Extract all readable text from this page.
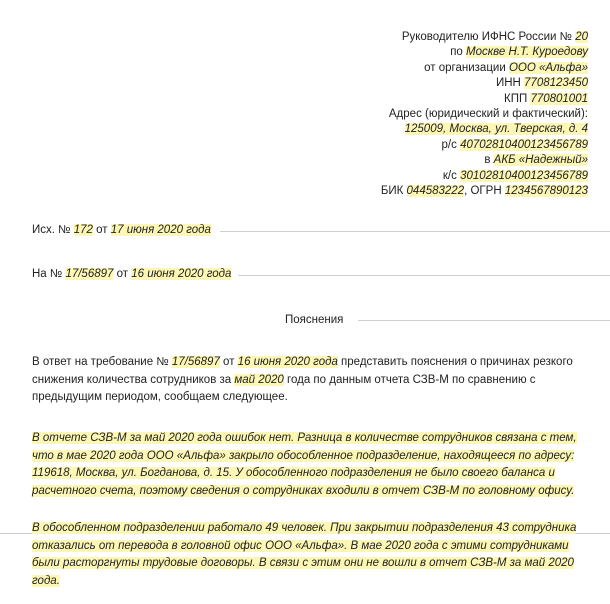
Руководителю ИФНС России № 20
по Москве Н.Т. Куроедову
от организации ООО «Альфа»
ИНН 7708123450
КПП 770801001
Адрес (юридический и фактический):
125009, Москва, ул. Тверская, д. 4
р/с 40702810400123456789
в АКБ «Надежный»
к/с 30102810400123456789
БИК 044583222, ОГРН 1234567890123
Исх. № 172 от 17 июня 2020 года
На № 17/56897 от 16 июня 2020 года
Пояснения
В ответ на требование № 17/56897 от 16 июня 2020 года представить пояснения о причинах резкого снижения количества сотрудников за май 2020 года по данным отчета СЗВ-М по сравнению с предыдущим периодом, сообщаем следующее.
В отчете СЗВ-М за май 2020 года ошибок нет. Разница в количестве сотрудников связана с тем, что в мае 2020 года ООО «Альфа» закрыло обособленное подразделение, находящееся по адресу: 119618, Москва, ул. Богданова, д. 15. У обособленного подразделения не было своего баланса и расчетного счета, поэтому сведения о сотрудниках входили в отчет СЗВ-М по головному офису.
В обособленном подразделении работало 49 человек. При закрытии подразделения 43 сотрудника отказались от перевода в головной офис ООО «Альфа». В мае 2020 года с этими сотрудниками были расторгнуты трудовые договоры. В связи с этим они не вошли в отчет СЗВ-М за май 2020 года.
